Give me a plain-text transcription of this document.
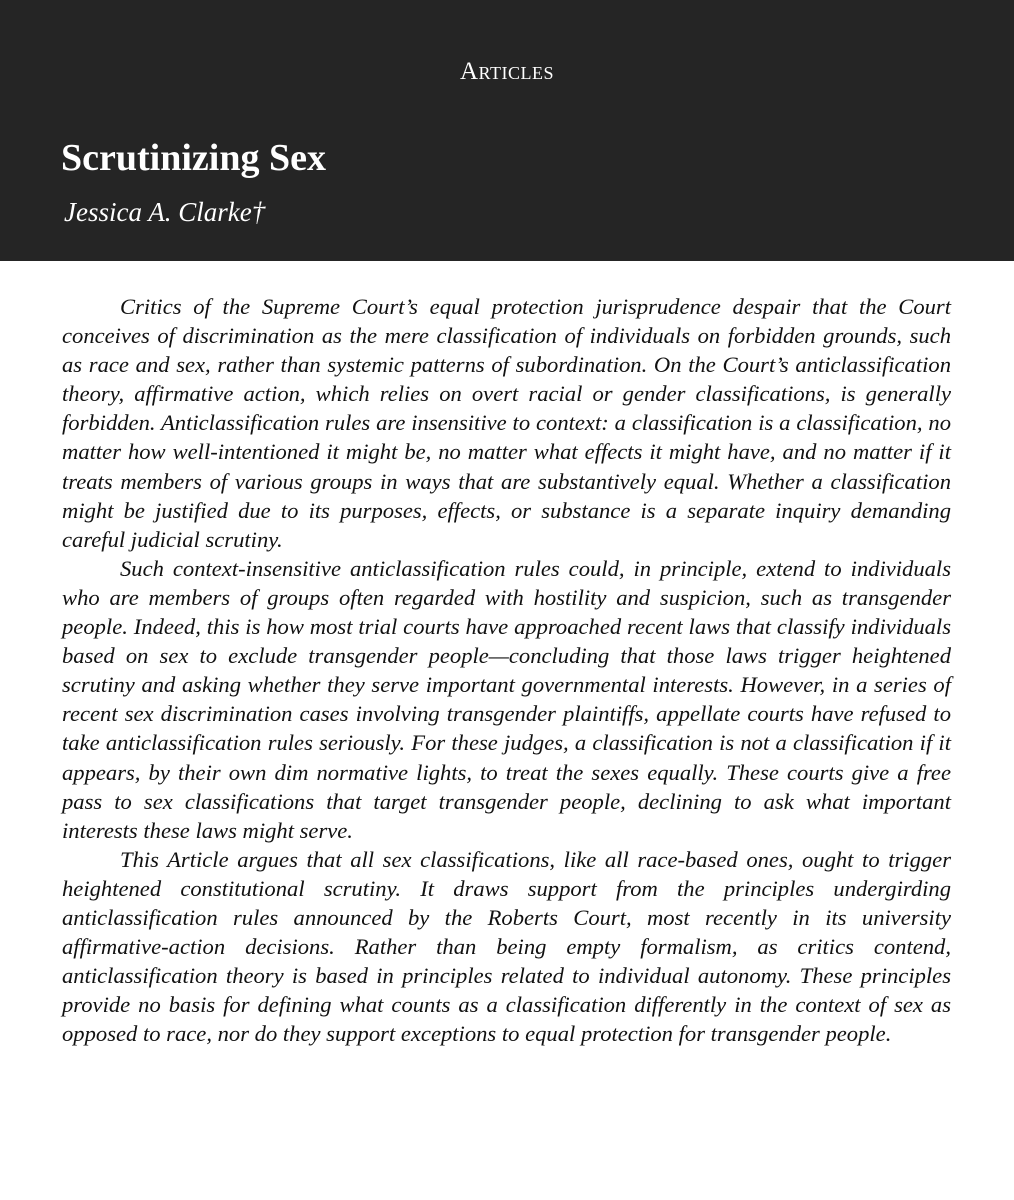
Articles
Scrutinizing Sex
Jessica A. Clarke†

Critics of the Supreme Court’s equal protection jurisprudence despair that the Court conceives of discrimination as the mere classification of individuals on forbidden grounds, such as race and sex, rather than systemic patterns of subordination. On the Court’s anticlassification theory, affirmative action, which relies on overt racial or gender classifications, is generally forbidden. Anticlassification rules are insensitive to context: a classification is a classification, no matter how well-intentioned it might be, no matter what effects it might have, and no matter if it treats members of various groups in ways that are substantively equal. Whether a classification might be justified due to its purposes, effects, or substance is a separate inquiry demanding careful judicial scrutiny.

Such context-insensitive anticlassification rules could, in principle, extend to individuals who are members of groups often regarded with hostility and suspicion, such as transgender people. Indeed, this is how most trial courts have approached recent laws that classify individuals based on sex to exclude transgender people—concluding that those laws trigger heightened scrutiny and asking whether they serve important governmental interests. However, in a series of recent sex discrimination cases involving transgender plaintiffs, appellate courts have refused to take anticlassification rules seriously. For these judges, a classification is not a classification if it appears, by their own dim normative lights, to treat the sexes equally. These courts give a free pass to sex classifications that target transgender people, declining to ask what important interests these laws might serve.

This Article argues that all sex classifications, like all race-based ones, ought to trigger heightened constitutional scrutiny. It draws support from the principles undergirding anticlassification rules announced by the Roberts Court, most recently in its university affirmative-action decisions. Rather than being empty formalism, as critics contend, anticlassification theory is based in principles related to individual autonomy. These principles provide no basis for defining what counts as a classification differently in the context of sex as opposed to race, nor do they support exceptions to equal protection for transgender people.
